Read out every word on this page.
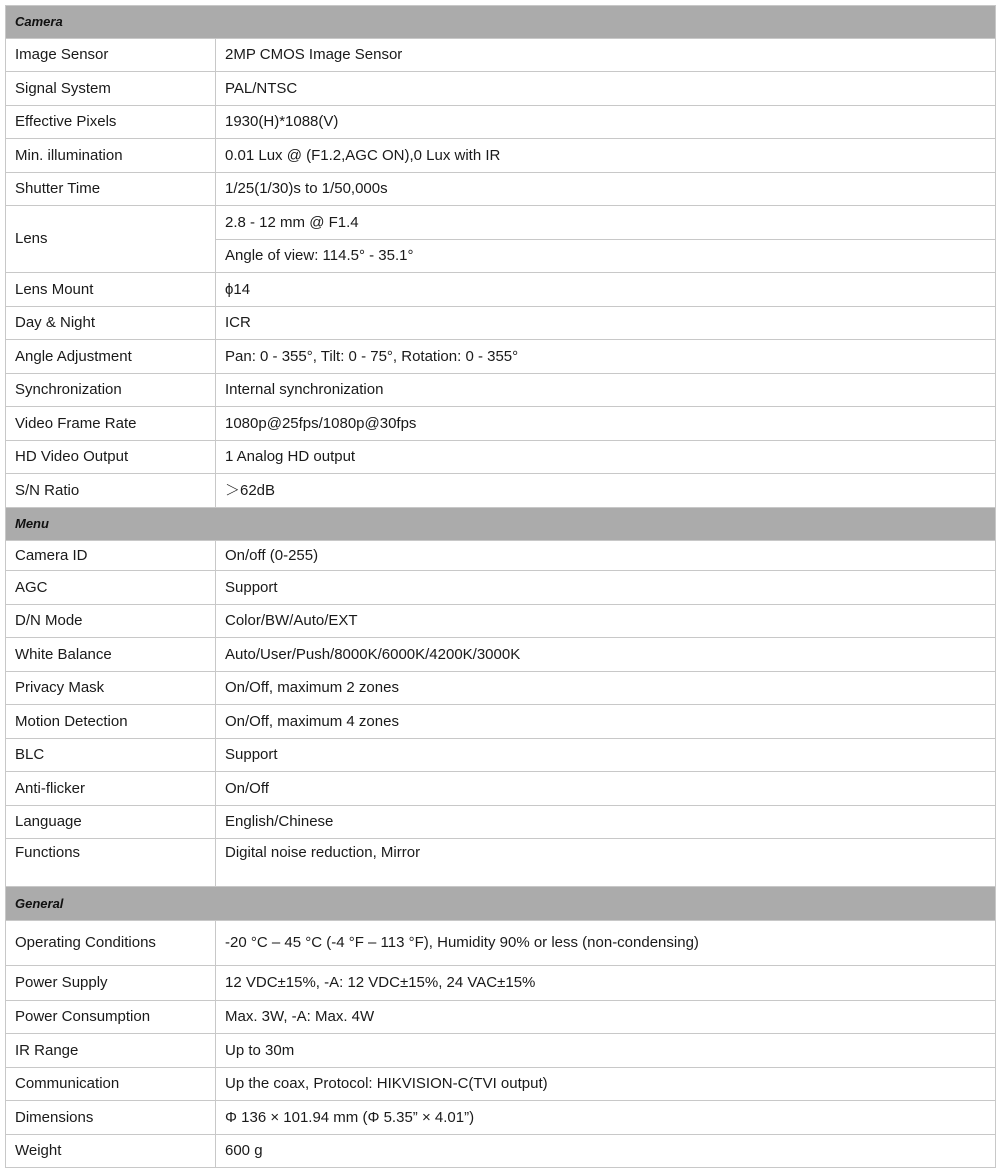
Camera	
Image Sensor	2MP CMOS Image Sensor
Signal System	PAL/NTSC
Effective Pixels	1930(H)*1088(V)
Min. illumination	0.01 Lux @ (F1.2,AGC ON),0 Lux with IR
Shutter Time	1/25(1/30)s to 1/50,000s
Lens	2.8 - 12 mm @ F1.4
	Angle of view: 114.5° - 35.1°
Lens Mount	ϕ14
Day & Night	ICR
Angle Adjustment	Pan: 0 - 355°, Tilt: 0 - 75°, Rotation: 0 - 355°
Synchronization	Internal synchronization
Video Frame Rate	1080p@25fps/1080p@30fps
HD Video Output	1 Analog HD output
S/N Ratio	＞62dB
Menu	
Camera ID	On/off (0-255)
AGC	Support
D/N Mode	Color/BW/Auto/EXT
White Balance	Auto/User/Push/8000K/6000K/4200K/3000K
Privacy Mask	On/Off, maximum 2 zones
Motion Detection	On/Off, maximum 4 zones
BLC	Support
Anti-flicker	On/Off
Language	English/Chinese
Functions	Digital noise reduction, Mirror
General	
Operating Conditions	-20 °C – 45 °C (-4 °F – 113 °F), Humidity 90% or less (non-condensing)
Power Supply	12 VDC±15%, -A: 12 VDC±15%, 24 VAC±15%
Power Consumption	Max. 3W, -A: Max. 4W
IR Range	Up to 30m
Communication	Up the coax, Protocol: HIKVISION-C(TVI output)
Dimensions	Φ 136 × 101.94 mm (Φ 5.35” × 4.01”)
Weight	600 g
